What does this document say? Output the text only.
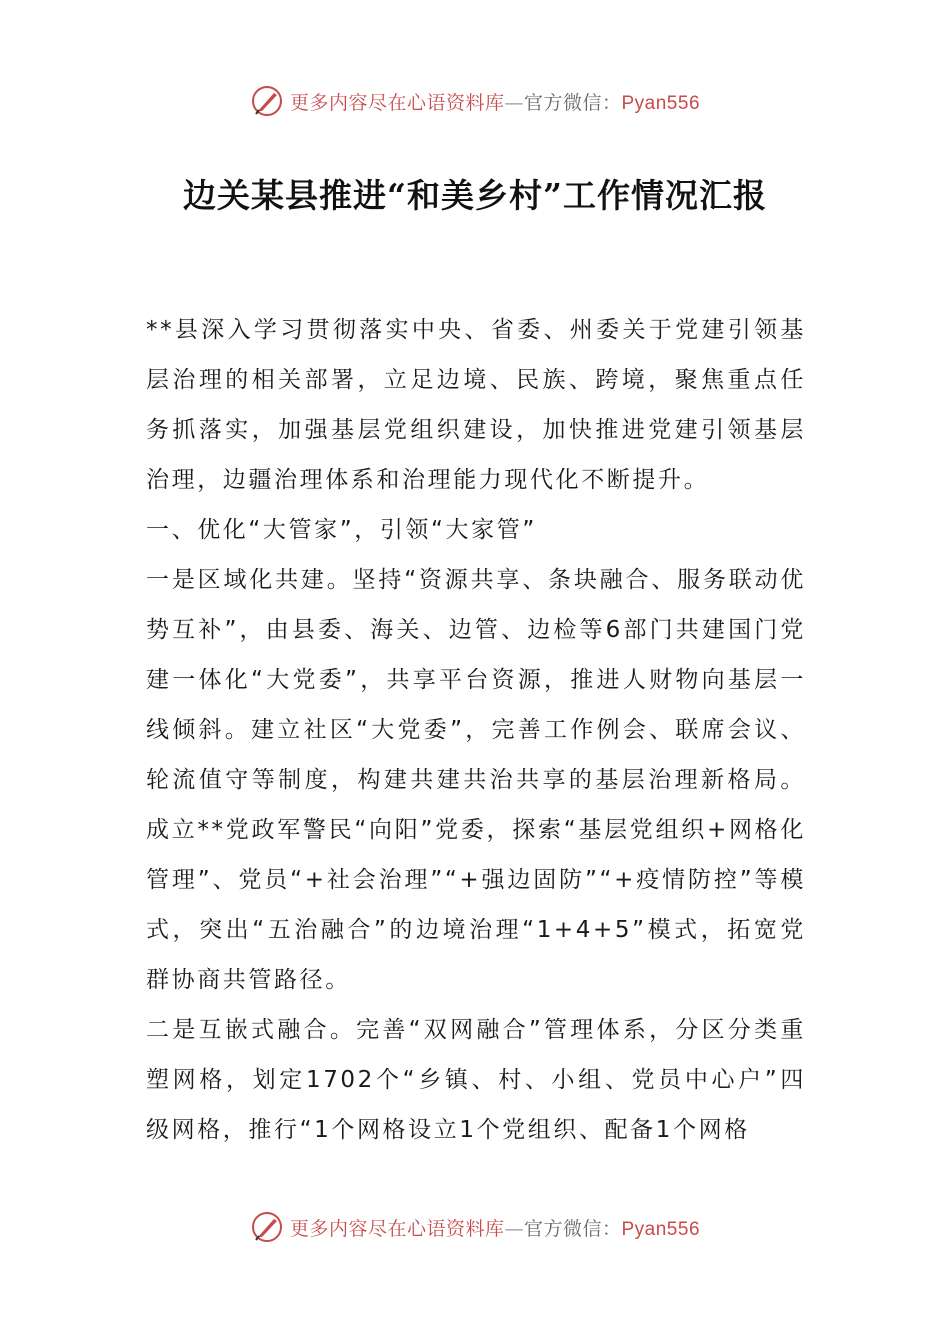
更多内容尽在心语资料库—官方微信：Pyan556
边关某县推进“和美乡村”工作情况汇报

**县深入学习贯彻落实中央、省委、州委关于党建引领基层治理的相关部署，立足边境、民族、跨境，聚焦重点任务抓落实，加强基层党组织建设，加快推进党建引领基层治理，边疆治理体系和治理能力现代化不断提升。

一、优化“大管家”，引领“大家管”

一是区域化共建。坚持“资源共享、条块融合、服务联动优势互补”，由县委、海关、边管、边检等6部门共建国门党建一体化“大党委”，共享平台资源，推进人财物向基层一线倾斜。建立社区“大党委”，完善工作例会、联席会议、轮流值守等制度，构建共建共治共享的基层治理新格局。成立**党政军警民“向阳”党委，探索“基层党组织+网格化管理”、党员“+社会治理”“+强边固防”“+疫情防控”等模式，突出“五治融合”的边境治理“1+4+5”模式，拓宽党群协商共管路径。

二是互嵌式融合。完善“双网融合”管理体系，分区分类重塑网格，划定1702个“乡镇、村、小组、党员中心户”四级网格，推行“1个网格设立1个党组织、配备1个网格

更多内容尽在心语资料库—官方微信：Pyan556
